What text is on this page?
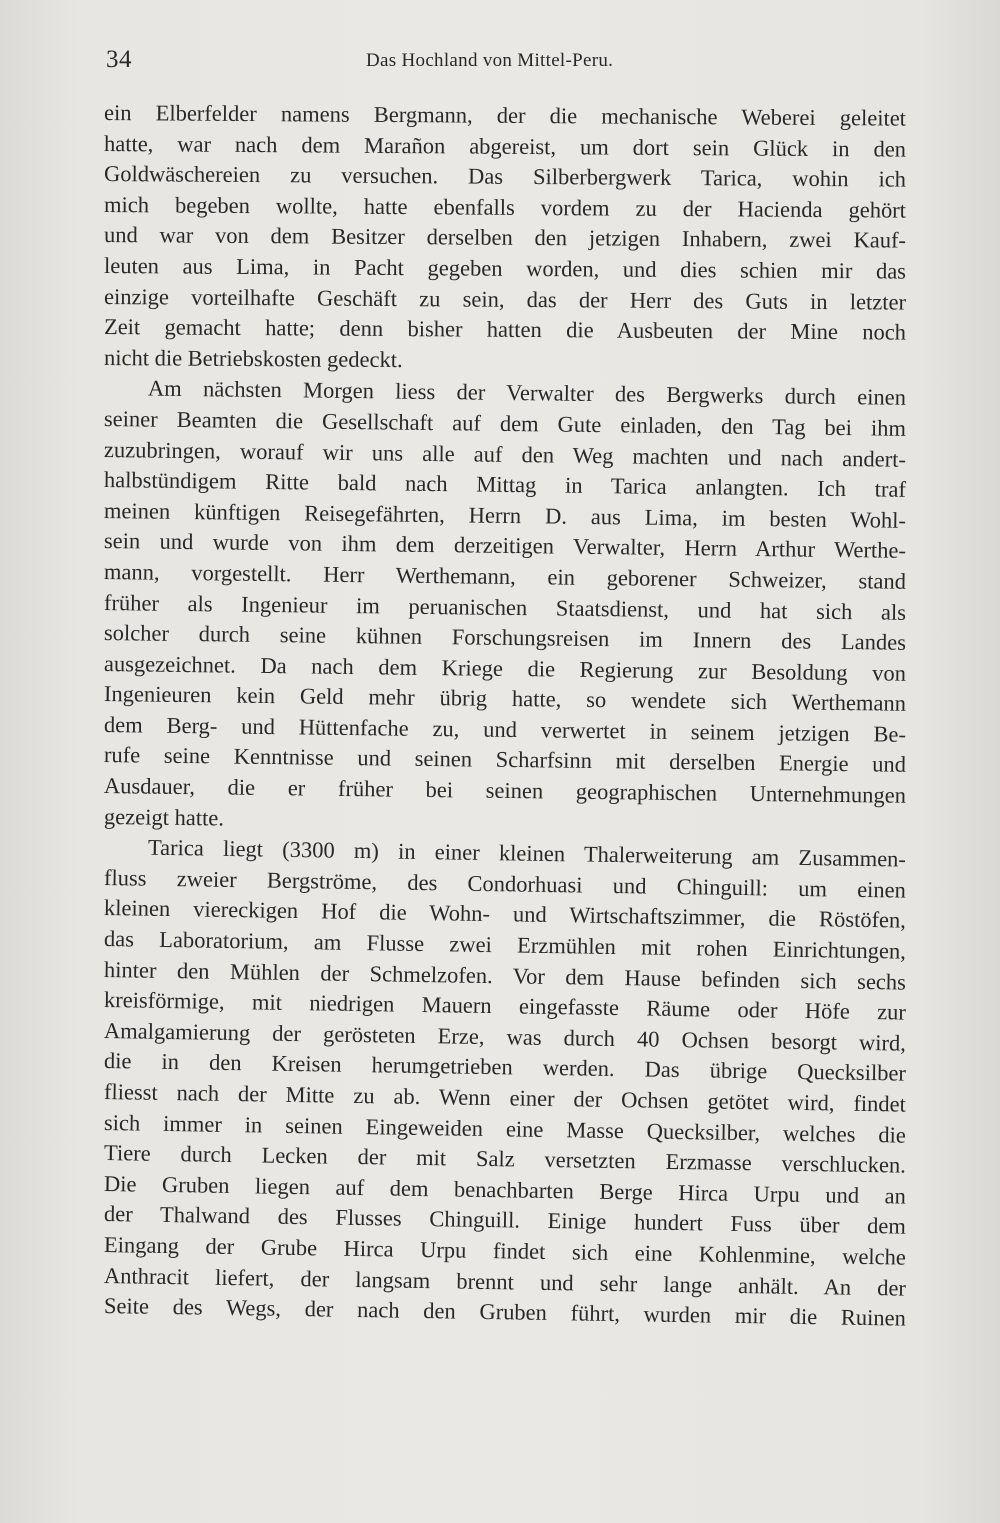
34	Das Hochland von Mittel-Peru.
ein Elberfelder namens Bergmann, der die mechanische Weberei geleitet
hatte, war nach dem Marañon abgereist, um dort sein Glück in den
Goldwäschereien zu versuchen. Das Silberbergwerk Tarica, wohin ich
mich begeben wollte, hatte ebenfalls vordem zu der Hacienda gehört
und war von dem Besitzer derselben den jetzigen Inhabern, zwei Kauf-
leuten aus Lima, in Pacht gegeben worden, und dies schien mir das
einzige vorteilhafte Geschäft zu sein, das der Herr des Guts in letzter
Zeit gemacht hatte; denn bisher hatten die Ausbeuten der Mine noch
nicht die Betriebskosten gedeckt.
Am nächsten Morgen liess der Verwalter des Bergwerks durch einen
seiner Beamten die Gesellschaft auf dem Gute einladen, den Tag bei ihm
zuzubringen, worauf wir uns alle auf den Weg machten und nach andert-
halbstündigem Ritte bald nach Mittag in Tarica anlangten. Ich traf
meinen künftigen Reisegefährten, Herrn D. aus Lima, im besten Wohl-
sein und wurde von ihm dem derzeitigen Verwalter, Herrn Arthur Werthe-
mann, vorgestellt. Herr Werthemann, ein geborener Schweizer, stand
früher als Ingenieur im peruanischen Staatsdienst, und hat sich als
solcher durch seine kühnen Forschungsreisen im Innern des Landes
ausgezeichnet. Da nach dem Kriege die Regierung zur Besoldung von
Ingenieuren kein Geld mehr übrig hatte, so wendete sich Werthemann
dem Berg- und Hüttenfache zu, und verwertet in seinem jetzigen Be-
rufe seine Kenntnisse und seinen Scharfsinn mit derselben Energie und
Ausdauer, die er früher bei seinen geographischen Unternehmungen
gezeigt hatte.
Tarica liegt (3300 m) in einer kleinen Thalerweiterung am Zusammen-
fluss zweier Bergströme, des Condorhuasi und Chinguill: um einen
kleinen viereckigen Hof die Wohn- und Wirtschaftszimmer, die Röstöfen,
das Laboratorium, am Flusse zwei Erzmühlen mit rohen Einrichtungen,
hinter den Mühlen der Schmelzofen. Vor dem Hause befinden sich sechs
kreisförmige, mit niedrigen Mauern eingefasste Räume oder Höfe zur
Amalgamierung der gerösteten Erze, was durch 40 Ochsen besorgt wird,
die in den Kreisen herumgetrieben werden. Das übrige Quecksilber
fliesst nach der Mitte zu ab. Wenn einer der Ochsen getötet wird, findet
sich immer in seinen Eingeweiden eine Masse Quecksilber, welches die
Tiere durch Lecken der mit Salz versetzten Erzmasse verschlucken.
Die Gruben liegen auf dem benachbarten Berge Hirca Urpu und an
der Thalwand des Flusses Chinguill. Einige hundert Fuss über dem
Eingang der Grube Hirca Urpu findet sich eine Kohlenmine, welche
Anthracit liefert, der langsam brennt und sehr lange anhält. An der
Seite des Wegs, der nach den Gruben führt, wurden mir die Ruinen
